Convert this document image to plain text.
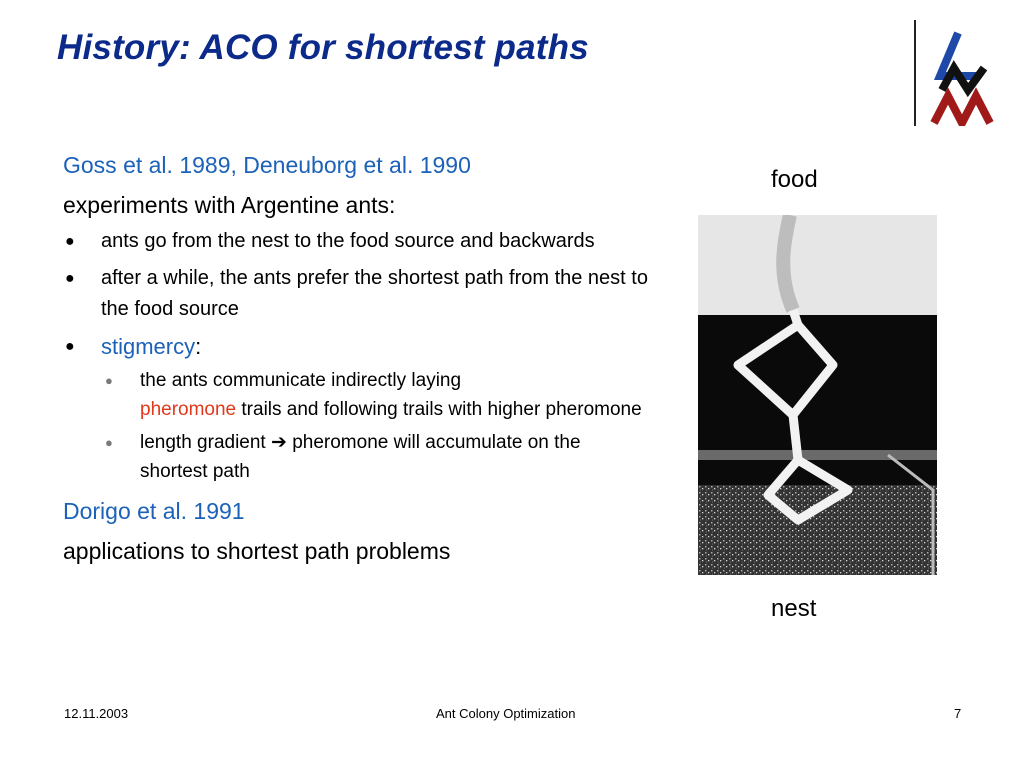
History: ACO for shortest paths

Goss et al. 1989, Deneuborg et al. 1990

experiments with Argentine ants:

● ants go from the nest to the food source and backwards
● after a while, the ants prefer the shortest path from the nest to the food source
● stigmercy:
● the ants communicate indirectly laying
pheromone trails and following trails with higher pheromone
● length gradient ➔ pheromone will accumulate on the shortest path

Dorigo et al. 1991

applications to shortest path problems

food
nest
12.11.2003	Ant Colony Optimization	7
